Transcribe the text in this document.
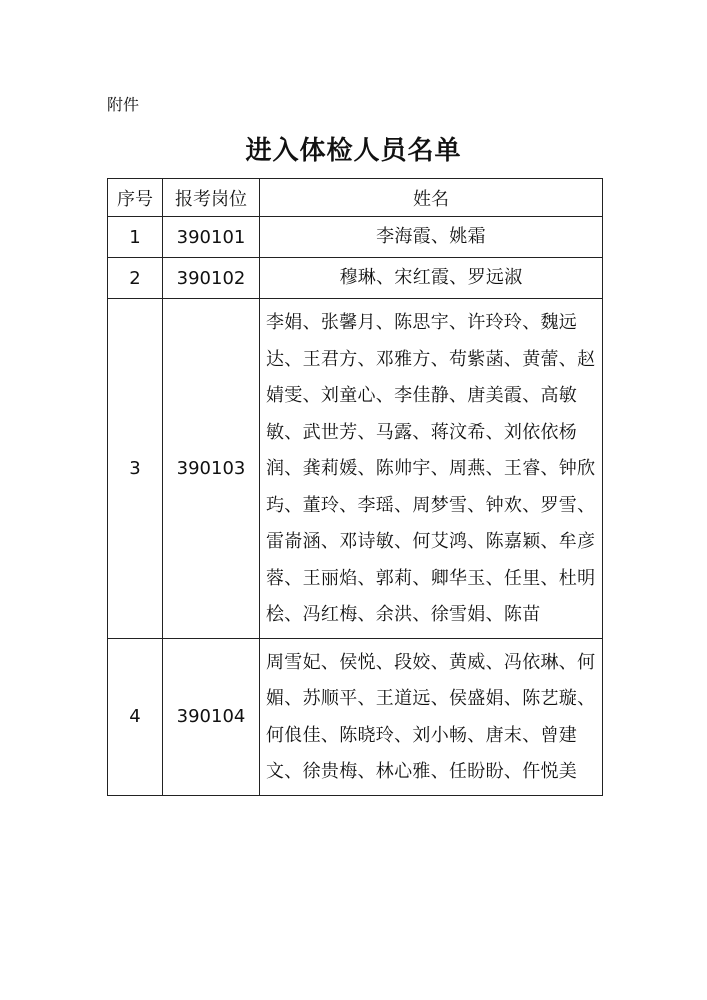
附件
进入体检人员名单
序号	报考岗位	姓名
1	390101	李海霞、姚霜
2	390102	穆琳、宋红霞、罗远淑
3	390103	李娟、张馨月、陈思宇、许玲玲、魏远达、王君方、邓雅方、苟紫菡、黄蕾、赵婧雯、刘童心、李佳静、唐美霞、高敏敏、武世芳、马露、蒋汶希、刘依依杨润、龚莉媛、陈帅宇、周燕、王睿、钟欣玙、董玲、李瑶、周梦雪、钟欢、罗雪、雷嵛涵、邓诗敏、何艾鸿、陈嘉颖、牟彦蓉、王丽焰、郭莉、卿华玉、任里、杜明桧、冯红梅、余洪、徐雪娟、陈苗
4	390104	周雪妃、侯悦、段姣、黄威、冯依琳、何媚、苏顺平、王道远、侯盛娟、陈艺璇、何俍佳、陈晓玲、刘小畅、唐末、曾建文、徐贵梅、林心雅、任盼盼、仵悦美
